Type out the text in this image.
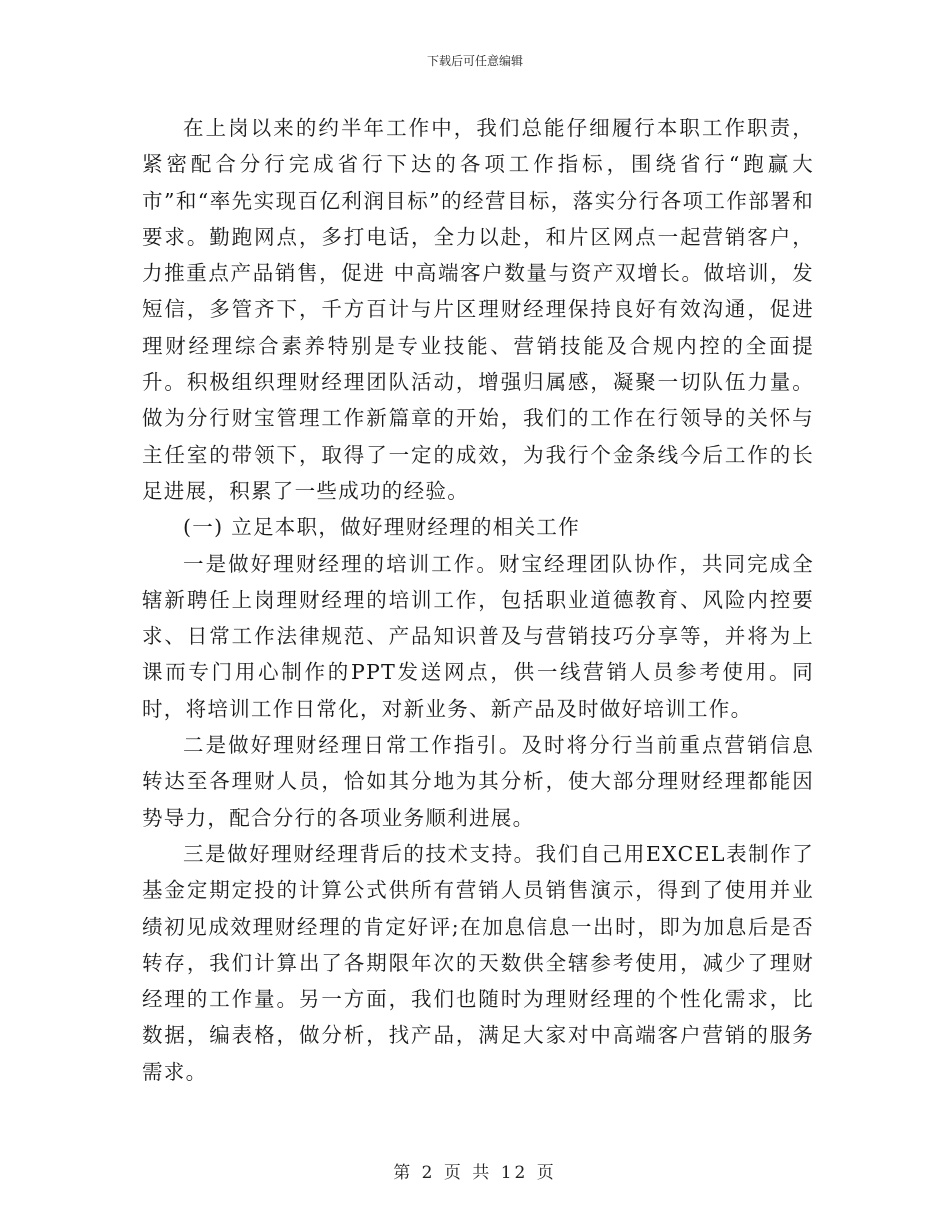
下载后可任意编辑

在上岗以来的约半年工作中，我们总能仔细履行本职工作职责，紧密配合分行完成省行下达的各项工作指标，围绕省行“跑赢大市”和“率先实现百亿利润目标”的经营目标，落实分行各项工作部署和要求。勤跑网点，多打电话，全力以赴，和片区网点一起营销客户，力推重点产品销售，促进 中高端客户数量与资产双增长。做培训，发短信，多管齐下，千方百计与片区理财经理保持良好有效沟通，促进理财经理综合素养特别是专业技能、营销技能及合规内控的全面提升。积极组织理财经理团队活动，增强归属感，凝聚一切队伍力量。做为分行财宝管理工作新篇章的开始，我们的工作在行领导的关怀与主任室的带领下，取得了一定的成效，为我行个金条线今后工作的长足进展，积累了一些成功的经验。

(一) 立足本职，做好理财经理的相关工作

一是做好理财经理的培训工作。财宝经理团队协作，共同完成全辖新聘任上岗理财经理的培训工作，包括职业道德教育、风险内控要求、日常工作法律规范、产品知识普及与营销技巧分享等，并将为上课而专门用心制作的PPT发送网点，供一线营销人员参考使用。同时，将培训工作日常化，对新业务、新产品及时做好培训工作。

二是做好理财经理日常工作指引。及时将分行当前重点营销信息转达至各理财人员，恰如其分地为其分析，使大部分理财经理都能因势导力，配合分行的各项业务顺利进展。

三是做好理财经理背后的技术支持。我们自己用EXCEL表制作了基金定期定投的计算公式供所有营销人员销售演示，得到了使用并业绩初见成效理财经理的肯定好评;在加息信息一出时，即为加息后是否转存，我们计算出了各期限年次的天数供全辖参考使用，减少了理财经理的工作量。另一方面，我们也随时为理财经理的个性化需求，比数据，编表格，做分析，找产品，满足大家对中高端客户营销的服务需求。

第 2 页 共 12 页
